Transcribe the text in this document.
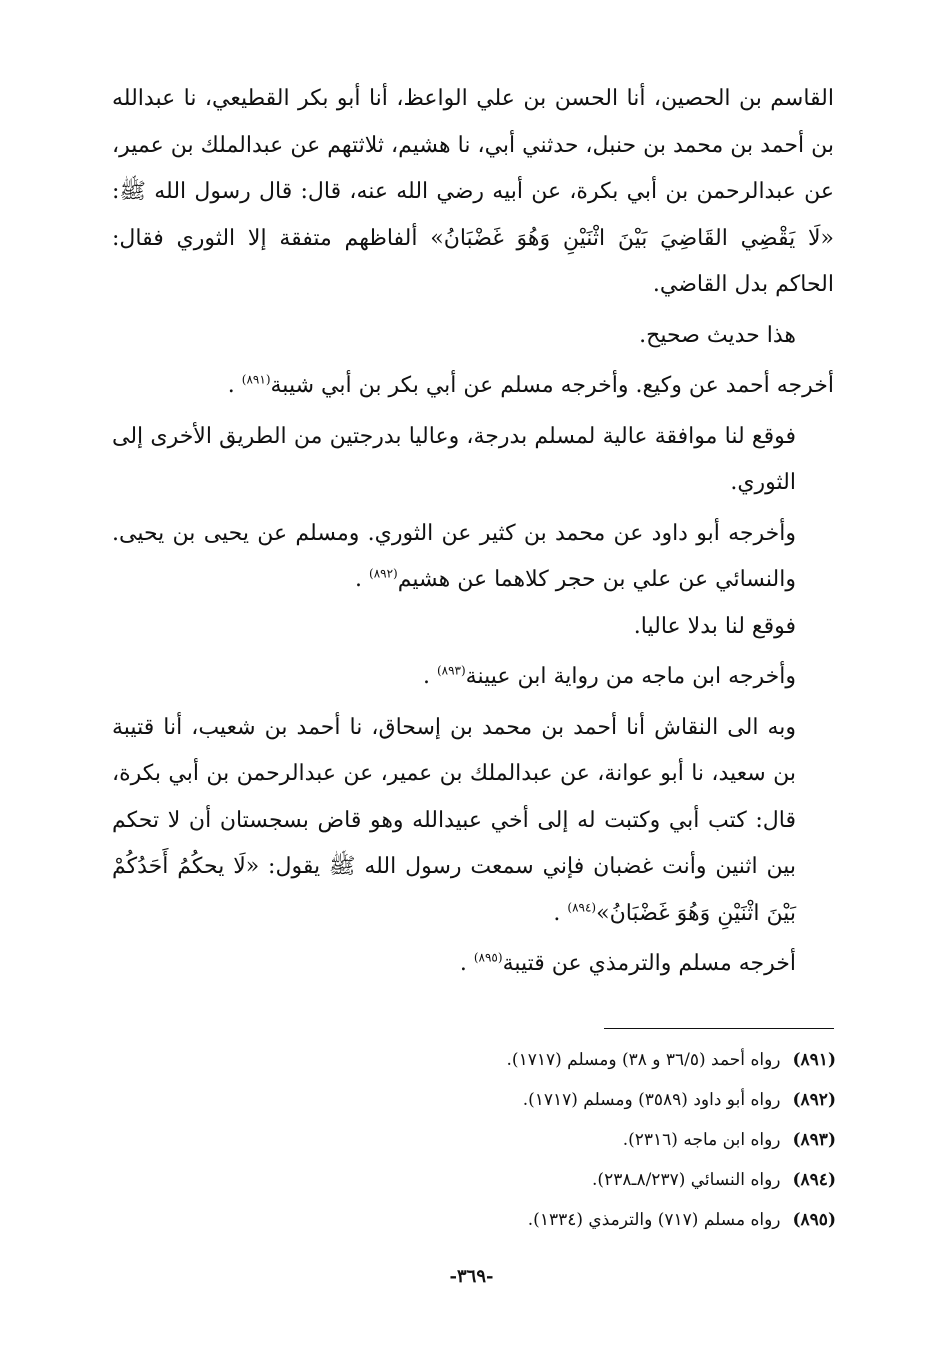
القاسم بن الحصين، أنا الحسن بن علي الواعظ، أنا أبو بكر القطيعي، نا عبدالله بن أحمد بن محمد بن حنبل، حدثني أبي، نا هشيم، ثلاثتهم عن عبدالملك بن عمير، عن عبدالرحمن بن أبي بكرة، عن أبيه رضي الله عنه، قال: قال رسول الله ﷺ: «لَا يَقْضِي القَاضِيَ بَيْنَ اثْنَيْنِ وَهُوَ غَضْبَانُ» ألفاظهم متفقة إلا الثوري فقال: الحاكم بدل القاضي.

هذا حديث صحيح.

أخرجه أحمد عن وكيع. وأخرجه مسلم عن أبي بكر بن أبي شيبة$^{(٨٩١)}$ .

فوقع لنا موافقة عالية لمسلم بدرجة، وعاليا بدرجتين من الطريق الأخرى إلى الثوري.

وأخرجه أبو داود عن محمد بن كثير عن الثوري. ومسلم عن يحيى بن يحيى. والنسائي عن علي بن حجر كلاهما عن هشيم$^{(٨٩٢)}$ .

فوقع لنا بدلا عاليا.

وأخرجه ابن ماجه من رواية ابن عيينة$^{(٨٩٣)}$ .

وبه الى النقاش أنا أحمد بن محمد بن إسحاق، نا أحمد بن شعيب، أنا قتيبة بن سعيد، نا أبو عوانة، عن عبدالملك بن عمير، عن عبدالرحمن بن أبي بكرة، قال: كتب أبي وكتبت له إلى أخي عبيدالله وهو قاض بسجستان أن لا تحكم بين اثنين وأنت غضبان فإني سمعت رسول الله ﷺ يقول: «لَا يحكُمُ أَحَدُكُمْ بَيْنَ اثْنَيْنِ وَهُوَ غَضْبَانُ»$^{(٨٩٤)}$ .

أخرجه مسلم والترمذي عن قتيبة$^{(٨٩٥)}$ .

(٨٩١)رواه أحمد (٣٦/٥ و ٣٨) ومسلم (١٧١٧).
(٨٩٢)رواه أبو داود (٣٥٨٩) ومسلم (١٧١٧).
(٨٩٣)رواه ابن ماجه (٢٣١٦).
(٨٩٤)رواه النسائي (٨/٢٣٧ـ٢٣٨).
(٨٩٥)رواه مسلم (٧١٧) والترمذي (١٣٣٤).
-٣٦٩-
